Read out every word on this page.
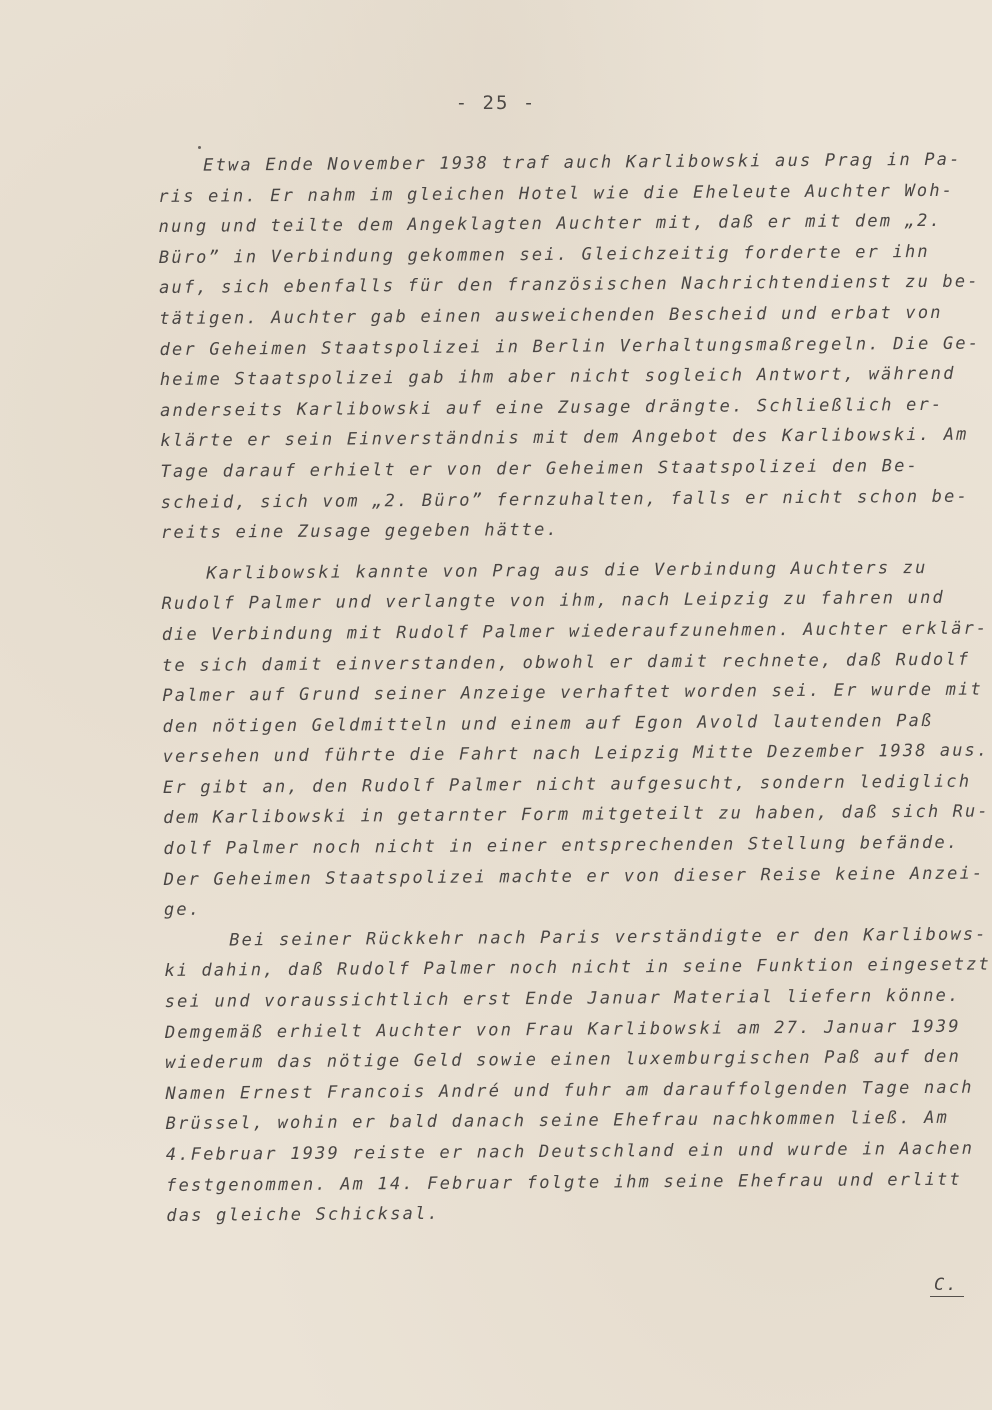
- 25 -
Etwa Ende November 1938 traf auch Karlibowski aus Prag in Pa-
ris ein. Er nahm im gleichen Hotel wie die Eheleute Auchter Woh-
nung und teilte dem Angeklagten Auchter mit, daß er mit dem „2.
Büro” in Verbindung gekommen sei. Gleichzeitig forderte er ihn
auf, sich ebenfalls für den französischen Nachrichtendienst zu be-
tätigen. Auchter gab einen ausweichenden Bescheid und erbat von
der Geheimen Staatspolizei in Berlin Verhaltungsmaßregeln. Die Ge-
heime Staatspolizei gab ihm aber nicht sogleich Antwort, während
anderseits Karlibowski auf eine Zusage drängte. Schließlich er-
klärte er sein Einverständnis mit dem Angebot des Karlibowski. Am
Tage darauf erhielt er von der Geheimen Staatspolizei den Be-
scheid, sich vom „2. Büro” fernzuhalten, falls er nicht schon be-
reits eine Zusage gegeben hätte.
Karlibowski kannte von Prag aus die Verbindung Auchters zu
Rudolf Palmer und verlangte von ihm, nach Leipzig zu fahren und
die Verbindung mit Rudolf Palmer wiederaufzunehmen. Auchter erklär-
te sich damit einverstanden, obwohl er damit rechnete, daß Rudolf
Palmer auf Grund seiner Anzeige verhaftet worden sei. Er wurde mit
den nötigen Geldmitteln und einem auf Egon Avold lautenden Paß
versehen und führte die Fahrt nach Leipzig Mitte Dezember 1938 aus.
Er gibt an, den Rudolf Palmer nicht aufgesucht, sondern lediglich
dem Karlibowski in getarnter Form mitgeteilt zu haben, daß sich Ru-
dolf Palmer noch nicht in einer entsprechenden Stellung befände.
Der Geheimen Staatspolizei machte er von dieser Reise keine Anzei-
ge.
Bei seiner Rückkehr nach Paris verständigte er den Karlibows-
ki dahin, daß Rudolf Palmer noch nicht in seine Funktion eingesetzt
sei und voraussichtlich erst Ende Januar Material liefern könne.
Demgemäß erhielt Auchter von Frau Karlibowski am 27. Januar 1939
wiederum das nötige Geld sowie einen luxemburgischen Paß auf den
Namen Ernest Francois André und fuhr am darauffolgenden Tage nach
Brüssel, wohin er bald danach seine Ehefrau nachkommen ließ. Am
4.Februar 1939 reiste er nach Deutschland ein und wurde in Aachen
festgenommen. Am 14. Februar folgte ihm seine Ehefrau und erlitt
das gleiche Schicksal.
C.
